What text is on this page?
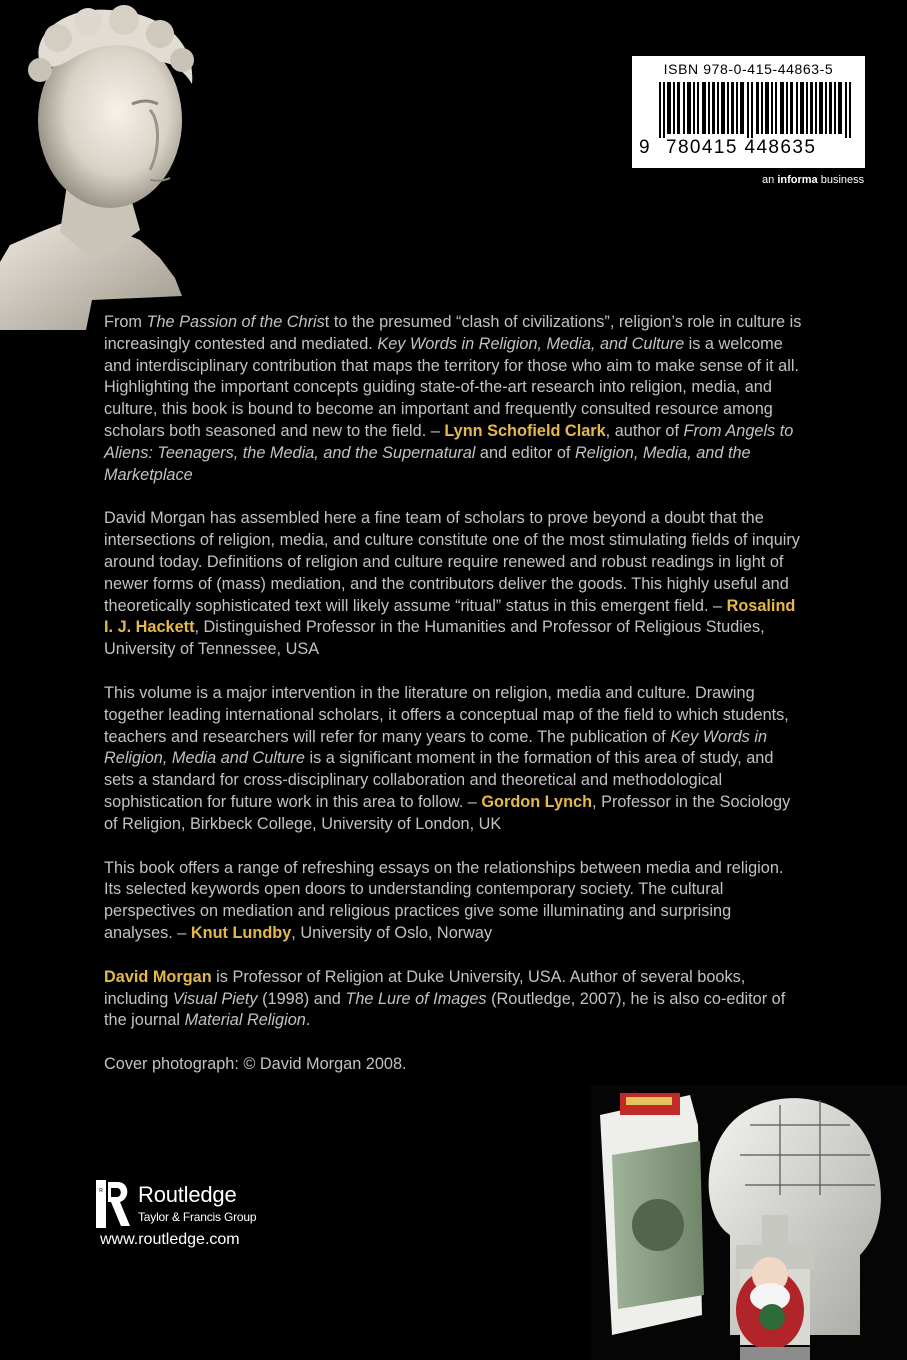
ISBN 978-0-415-44863-5
9 780415 448635
an informa business

From The Passion of the Christ to the presumed “clash of civilizations”, religion’s role in culture is increasingly contested and mediated. Key Words in Religion, Media, and Culture is a welcome and interdisciplinary contribution that maps the territory for those who aim to make sense of it all. Highlighting the important concepts guiding state-of-the-art research into religion, media, and culture, this book is bound to become an important and frequently consulted resource among scholars both seasoned and new to the field. – Lynn Schofield Clark, author of From Angels to Aliens: Teenagers, the Media, and the Supernatural and editor of Religion, Media, and the Marketplace

David Morgan has assembled here a fine team of scholars to prove beyond a doubt that the intersections of religion, media, and culture constitute one of the most stimulating fields of inquiry around today. Definitions of religion and culture require renewed and robust readings in light of newer forms of (mass) mediation, and the contributors deliver the goods. This highly useful and theoretically sophisticated text will likely assume “ritual” status in this emergent field. – Rosalind I. J. Hackett, Distinguished Professor in the Humanities and Professor of Religious Studies, University of Tennessee, USA

This volume is a major intervention in the literature on religion, media and culture. Drawing together leading international scholars, it offers a conceptual map of the field to which students, teachers and researchers will refer for many years to come. The publication of Key Words in Religion, Media and Culture is a significant moment in the formation of this area of study, and sets a standard for cross-disciplinary collaboration and theoretical and methodological sophistication for future work in this area to follow. – Gordon Lynch, Professor in the Sociology of Religion, Birkbeck College, University of London, UK

This book offers a range of refreshing essays on the relationships between media and religion. Its selected keywords open doors to understanding contemporary society. The cultural perspectives on mediation and religious practices give some illuminating and surprising analyses. – Knut Lundby, University of Oslo, Norway

David Morgan is Professor of Religion at Duke University, USA. Author of several books, including Visual Piety (1998) and The Lure of Images (Routledge, 2007), he is also co-editor of the journal Material Religion.

Cover photograph: © David Morgan 2008.

R Routledge
Taylor & Francis Group
www.routledge.com
